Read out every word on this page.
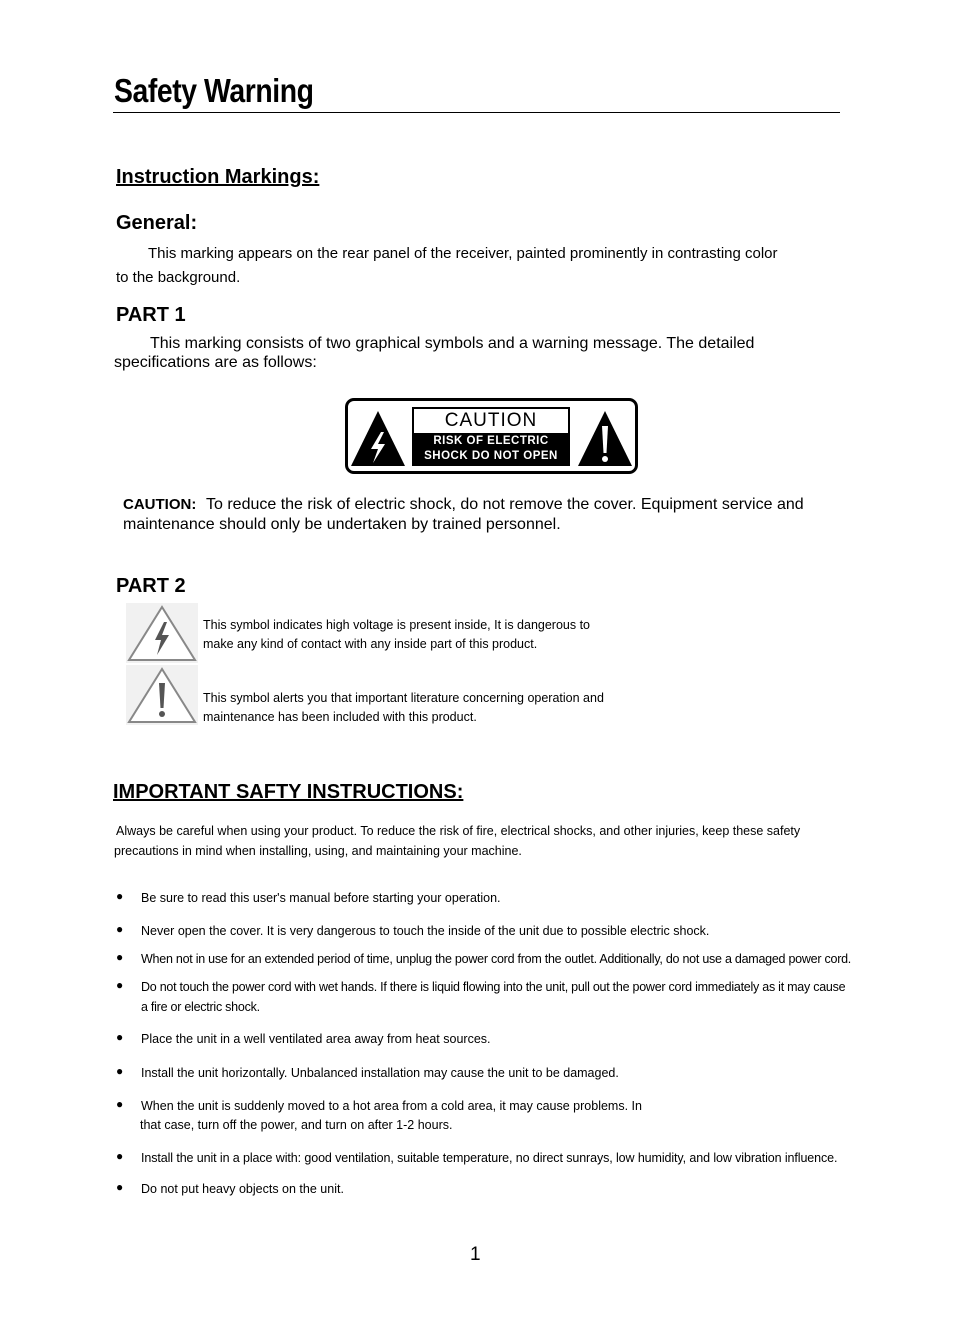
Safety Warning
Instruction Markings:
General:
This marking appears on the rear panel of the receiver, painted prominently in contrasting color
to the background.
PART 1
This marking consists of two graphical symbols and a warning message. The detailed
specifications are as follows:
CAUTION
RISK OF ELECTRIC
SHOCK DO NOT OPEN
CAUTION: To reduce the risk of electric shock, do not remove the cover. Equipment service and
maintenance should only be undertaken by trained personnel.
PART 2
This symbol indicates high voltage is present inside, It is dangerous to
make any kind of contact with any inside part of this product.
This symbol alerts you that important literature concerning operation and
maintenance has been included with this product.
IMPORTANT SAFTY INSTRUCTIONS:
Always be careful when using your product. To reduce the risk of fire, electrical shocks, and other injuries, keep these safety
precautions in mind when installing, using, and maintaining your machine.
● Be sure to read this user's manual before starting your operation.
● Never open the cover. It is very dangerous to touch the inside of the unit due to possible electric shock.
● When not in use for an extended period of time, unplug the power cord from the outlet. Additionally, do not use a damaged power cord.
● Do not touch the power cord with wet hands. If there is liquid flowing into the unit, pull out the power cord immediately as it may cause
a fire or electric shock.
● Place the unit in a well ventilated area away from heat sources.
● Install the unit horizontally. Unbalanced installation may cause the unit to be damaged.
● When the unit is suddenly moved to a hot area from a cold area, it may cause problems. In
that case, turn off the power, and turn on after 1-2 hours.
● Install the unit in a place with: good ventilation, suitable temperature, no direct sunrays, low humidity, and low vibration influence.
● Do not put heavy objects on the unit.
1
